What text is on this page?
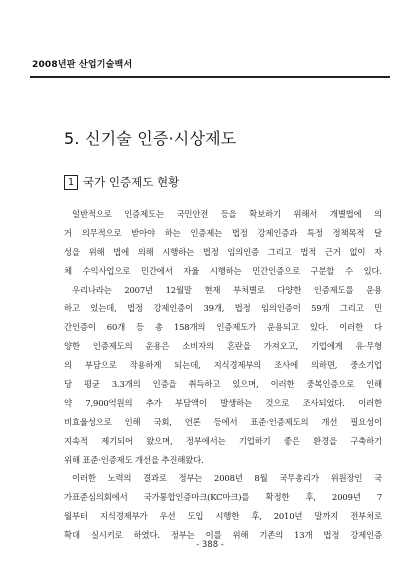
2008년판 산업기술백서
5. 신기술 인증·시상제도
1 국가 인증제도 현황
일반적으로 인증제도는 국민안전 등을 확보하기 위해서 개별법에 의
거 의무적으로 받아야 하는 인증제는 법정 강제인증과 특정 정책목적 달
성을 위해 법에 의해 시행하는 법정 임의인증 그리고 법적 근거 없이 자
체 수익사업으로 민간에서 자율 시행하는 민간인증으로 구분할 수 있다.
우리나라는 2007년 12월말 현재 부처별로 다양한 인증제도를 운용
하고 있는데, 법정 강제인증이 39개, 법정 임의인증이 59개 그리고 민
간인증이 60개 등 총 158개의 인증제도가 운용되고 있다. 이러한 다
양한 인증제도의 운용은 소비자의 혼란을 가져오고, 기업에게 유·무형
의 부담으로 작용하게 되는데, 지식경제부의 조사에 의하면, 중소기업
당 평균 3.3개의 인증을 취득하고 있으며, 이러한 중복인증으로 인해
약 7,900억원의 추가 부담액이 발생하는 것으로 조사되었다. 이러한
비효율성으로 인해 국회, 언론 등에서 표준·인증제도의 개선 필요성이
지속적 제기되어 왔으며, 정부에서는 기업하기 좋은 환경을 구축하기
위해 표준·인증제도 개선을 추진해왔다.
이러한 노력의 결과로 정부는 2008년 8월 국무총리가 위원장인 국
가표준심의회에서 국가통합인증마크(KC마크)를 확정한 후, 2009년 7
월부터 지식경제부가 우선 도입 시행한 후, 2010년 말까지 전부처로
확대 실시키로 하였다. 정부는 이를 위해 기존의 13개 법정 강제인증
- 388 -
